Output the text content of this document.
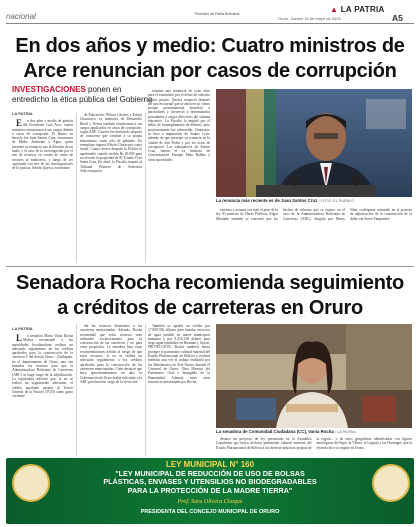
nacional
	Periódico de Patria Boliviana
Oruro, Jueves 15 de mayo de 2025
▲ LA PATRIA
A5
En dos años y medio: Cuatro ministros de
Arce renuncian por casos de corrupción
INVESTIGACIONES ponen en
entredicho la ética pública del Gobierno
LA PATRIA

En dos años y medio de gestión del Presidente Luis Arce, cuatro ministros renunciaron a sus cargos debido a casos de corrupción. El último en hacerlo fue Juan Santos Cruz, exministro de Medio Ambiente y Agua, quien presentó su renuncia tras la difusión de un audio y el caso de la investigación por el uso de recursos en contra de carne de sectores al ministerio, y luego de ser capturado con tres de las investigaciones de la justicia. Adrián Quelca, exministro

de Educación; Wilson Cáceres y Edwin Characayo, ex ministros de Desarrollo Rural y Tierras también renunciaron a sus cargos implicados en casos de corrupción, según ANF. Cáceres fue destituido después de conocerse que contrató a su propia exmanuario como jefa de gabinete. En reemplazo ingresó Edwin Characayo como titular. Cuatro meses después la Policía lo aprehendió cuando recibía Bs 20.000 para no revertir la propiedad de El Triunfo II en Santa Cruz. En abril, la Fiscalía imputó al Tribunal Primero de Sentencia Anticorrupción

tormino una sentencia de ocho años para el exministro por el delito de cohecho pasivo propio. Quelca renunció después del proceso penal que se abrió en su contra porque presuntamente benefició a particulares y favoreció a determinados postulantes a cargos directivos del sistema educativo. La Fiscalía lo imputó por el delito de incumplimiento de deberes, pero posteriormente fue sobreseído. Characayo se hizo a imputación de Santos Cruz, además de que presentó su renuncia en la ciudad de San Pedro y por los actos de corrupción. Los trabajadores de Santos Cruz, fueron el ex ministro de Comunicación Enrique Pinto Balbas y otras autoridades

La renuncia más reciente es de Juan Santos Cruz / FOTO: EL PUEBLO

extremo y actuará con todo el peso de la ley. El ministro de Obras Públicas, Edgar Montaño también se convirtió por los hechos de soborno que se expuso en el caso de la Administradora Boliviana de Carreteras (ABC), dirigida por Henry Nina, exdirigente arrestado en el proceso de adjudicación de la construcción de la doble vía Sucre-Yamparáez

Senadora Rocha recomienda seguimiento
a créditos de carreteras en Oruro
LA PATRIA

La senadora María Vania Rocha Muñoz recomendó a las autoridades fiscalizadoras realizar un adecuado seguimiento de los créditos aprobados para la construcción de la carretera Y del desvío Oruro - Challapata, en el departamento de Oruro, una vez tomados los recursos para que la Administradora Boliviana de Carreteras (ABC) se haga cargo de la adjudicación. La legisladora advirtió que, si no se realiza un seguimiento adecuado, el crédito aprobado pasaría al Tesoro General de la Nación (TGN) como gasto corriente

dia las recursos destinados a las carreteras mencionadas. Además, Rocha recomendó que estos recursos sean utilizados exclusivamente para la construcción de las carreteras y no para otros propósitos. La senadora hizo estas recomendaciones debido al riesgo de que estos recursos, si no se realiza un adecuado seguimiento a los créditos aprobados para la construcción de las carreteras mencionadas. Cabe destacar que hace aproximadamente un año, la Gobernación de Oruro había solicitado a la ABC para hacerse cargo de la ejecución

También se aprobó un crédito por 17.839.356 dólares para instalar servicios de agua potable en nueve municipios humanos y por 8.216.318 dólares para riego agua residuales en Huanuni y Sayari. PROTECCIÓN. Rocha también busca proteger el patrimonio cultural material del Estado Plurinacional de Bolivia y realizar medidas una vez el trabajo realizado por los Mandatarios en Arte Nativo durante el Carnaval de Oruro, Obra Maestra del Patrimonio Oral e Intangible de la Humanidad. Además, entre otras iniciativas presentadas por Rocha,

La senadora de Comunidad Ciudadana (CC), Vania Rocha / LA PATRIA

destaca un proyecto de ley presentado en la Asamblea Legislativa que busca declarar patrimonio cultural material del Estado Plurinacional de Bolivia a las diversas prácticas propias de la región... y de otros geográficas identificadas con figuras mitológicas del Sapo, la Víbora, el Lagarto y las Hormigas, que la leyenda dice se originó en Oruro.

LEY MUNICIPAL N° 160
"LEY MUNICIPAL DE REDUCCIÓN DE USO DE BOLSAS
PLÁSTICAS, ENVASES Y UTENSILIOS NO BIODEGRADABLES
PARA LA PROTECCIÓN DE LA MADRE TIERRA"
Prof. Sara Olivera Choque
PRESIDENTA DEL CONCEJO MUNICIPAL DE ORURO
